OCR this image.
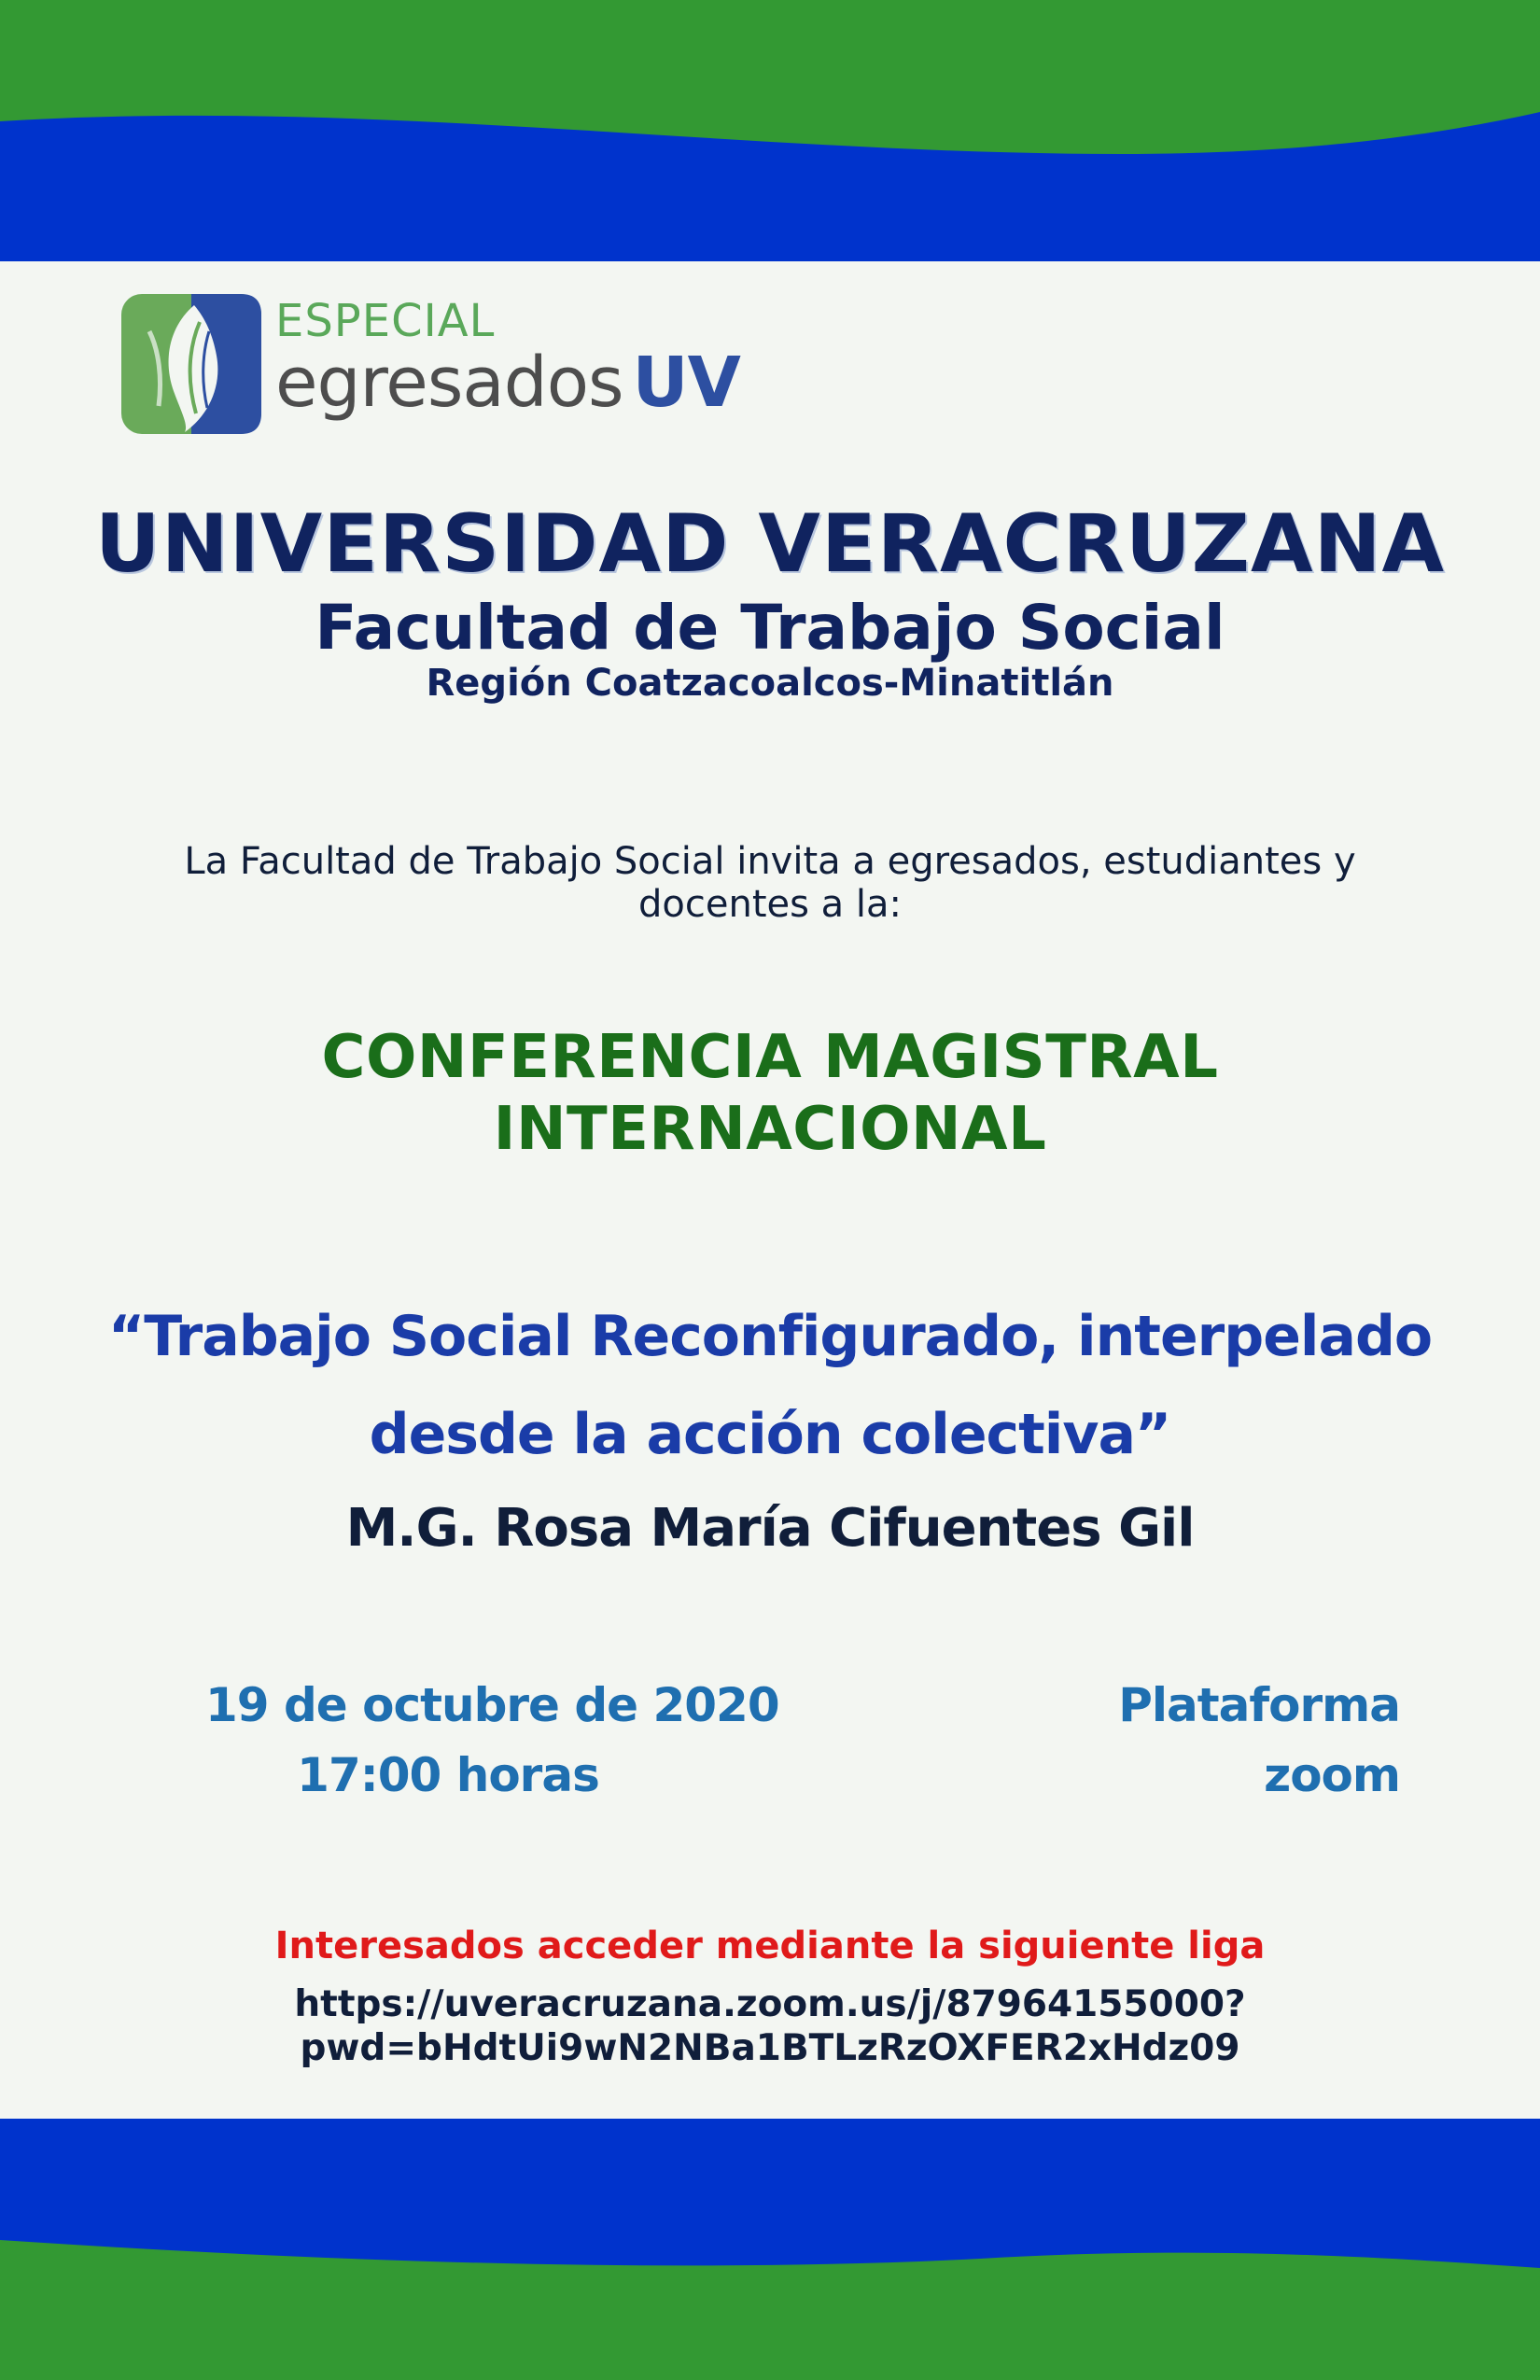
ESPECIAL
egresados UV
UNIVERSIDAD VERACRUZANA
Facultad de Trabajo Social
Región Coatzacoalcos-Minatitlán
La Facultad de Trabajo Social invita a egresados, estudiantes y
docentes a la:
CONFERENCIA MAGISTRAL
INTERNACIONAL
“Trabajo Social Reconfigurado, interpelado
desde la acción colectiva”
M.G. Rosa María Cifuentes Gil
19 de octubre de 2020
17:00 horas
Plataforma
zoom
Interesados acceder mediante la siguiente liga
https://uveracruzana.zoom.us/j/87964155000?
pwd=bHdtUi9wN2NBa1BTLzRzOXFER2xHdz09
